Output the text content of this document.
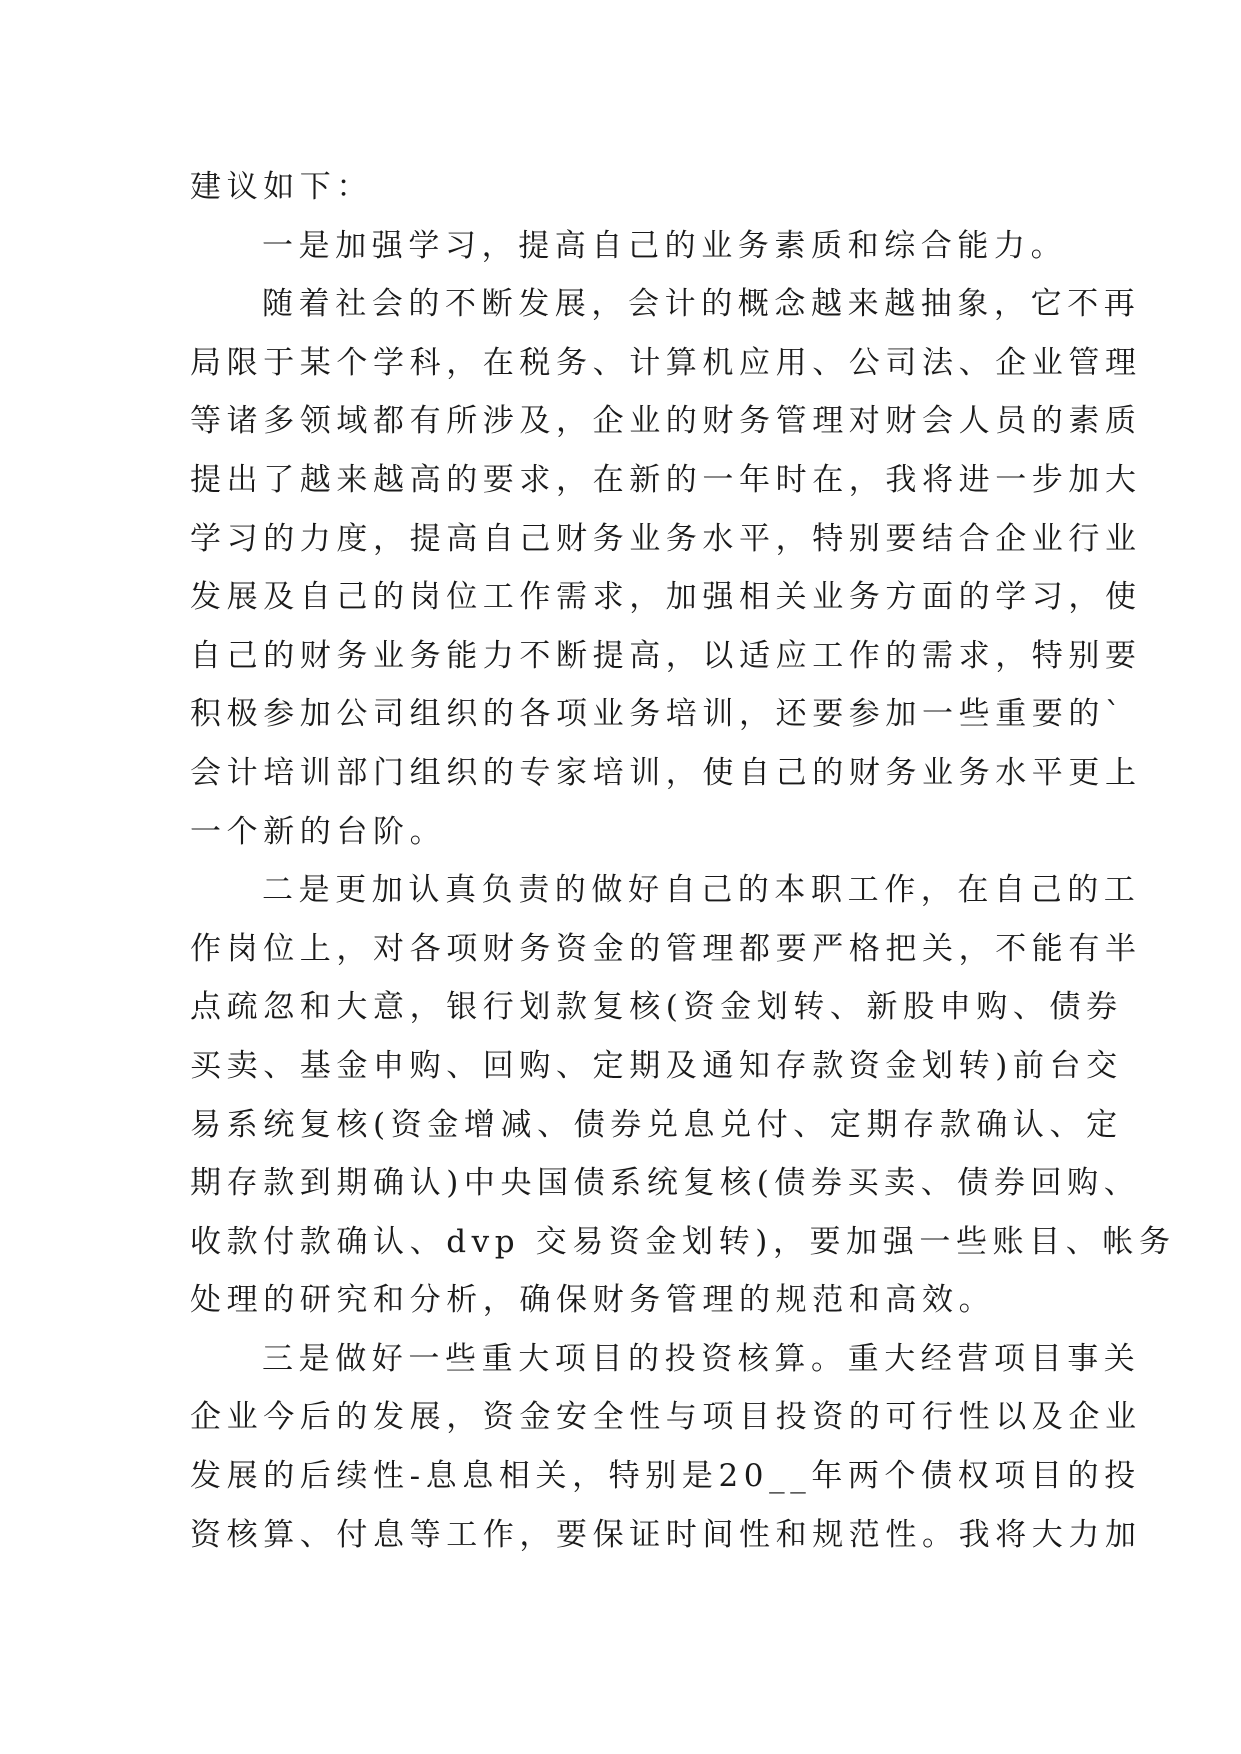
建议如下：
一是加强学习，提高自己的业务素质和综合能力。
随着社会的不断发展，会计的概念越来越抽象，它不再
局限于某个学科，在税务、计算机应用、公司法、企业管理
等诸多领域都有所涉及，企业的财务管理对财会人员的素质
提出了越来越高的要求，在新的一年时在，我将进一步加大
学习的力度，提高自己财务业务水平，特别要结合企业行业
发展及自己的岗位工作需求，加强相关业务方面的学习，使
自己的财务业务能力不断提高，以适应工作的需求，特别要
积极参加公司组织的各项业务培训，还要参加一些重要的`
会计培训部门组织的专家培训，使自己的财务业务水平更上
一个新的台阶。
二是更加认真负责的做好自己的本职工作，在自己的工
作岗位上，对各项财务资金的管理都要严格把关，不能有半
点疏忽和大意，银行划款复核(资金划转、新股申购、债券
买卖、基金申购、回购、定期及通知存款资金划转)前台交
易系统复核(资金增减、债券兑息兑付、定期存款确认、定
期存款到期确认)中央国债系统复核(债券买卖、债券回购、
收款付款确认、dvp 交易资金划转)，要加强一些账目、帐务
处理的研究和分析，确保财务管理的规范和高效。
三是做好一些重大项目的投资核算。重大经营项目事关
企业今后的发展，资金安全性与项目投资的可行性以及企业
发展的后续性-息息相关，特别是20__年两个债权项目的投
资核算、付息等工作，要保证时间性和规范性。我将大力加
